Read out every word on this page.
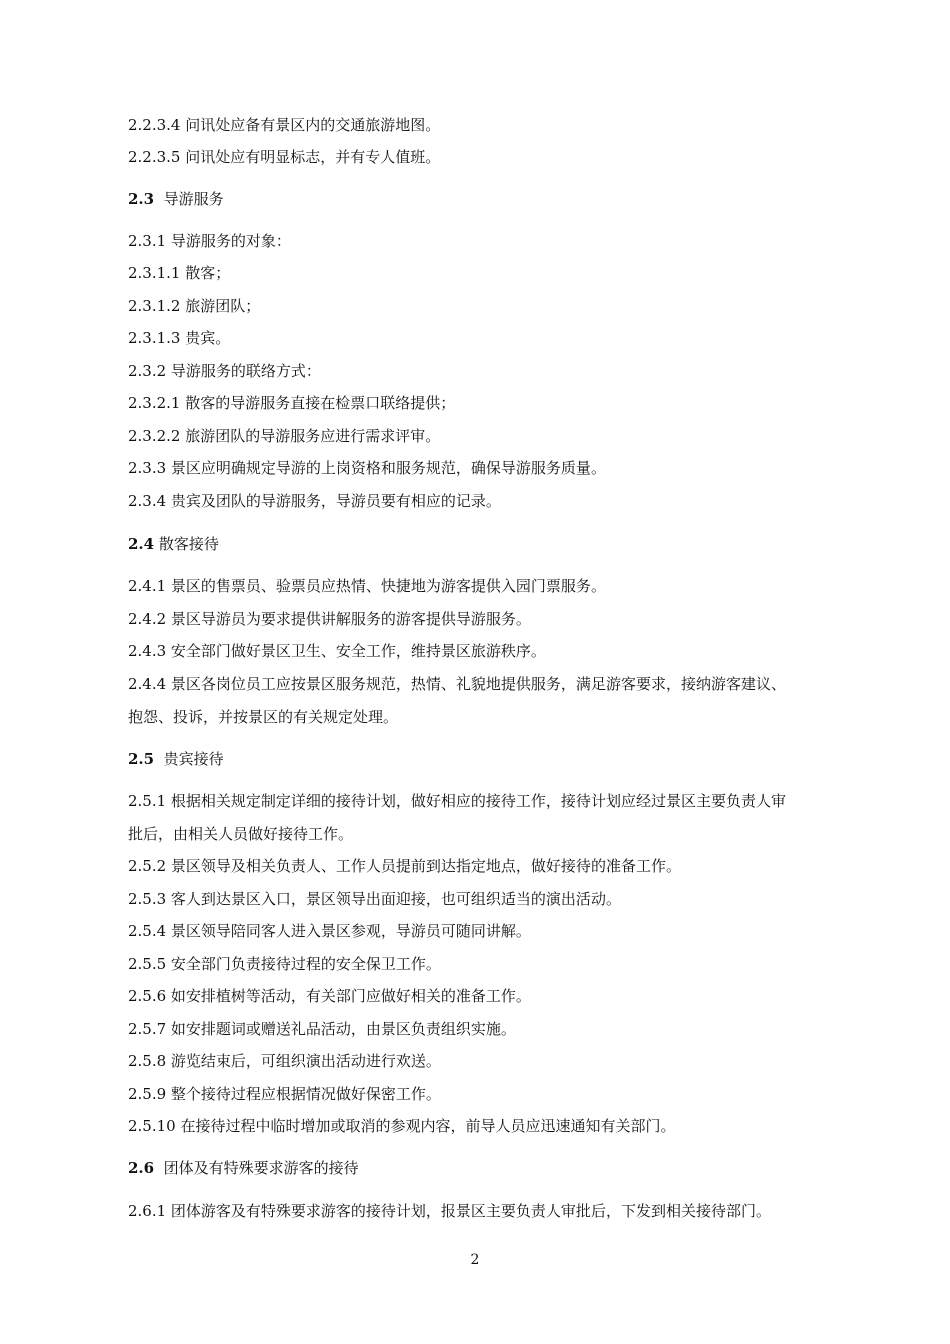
2.2.3.4 问讯处应备有景区内的交通旅游地图。
2.2.3.5 问讯处应有明显标志，并有专人值班。
2.3 导游服务
2.3.1 导游服务的对象：
2.3.1.1 散客；
2.3.1.2 旅游团队；
2.3.1.3 贵宾。
2.3.2 导游服务的联络方式：
2.3.2.1 散客的导游服务直接在检票口联络提供；
2.3.2.2 旅游团队的导游服务应进行需求评审。
2.3.3 景区应明确规定导游的上岗资格和服务规范，确保导游服务质量。
2.3.4 贵宾及团队的导游服务，导游员要有相应的记录。
2.4 散客接待
2.4.1 景区的售票员、验票员应热情、快捷地为游客提供入园门票服务。
2.4.2 景区导游员为要求提供讲解服务的游客提供导游服务。
2.4.3 安全部门做好景区卫生、安全工作，维持景区旅游秩序。
2.4.4 景区各岗位员工应按景区服务规范，热情、礼貌地提供服务，满足游客要求，接纳游客建议、
抱怨、投诉，并按景区的有关规定处理。
2.5 贵宾接待
2.5.1 根据相关规定制定详细的接待计划，做好相应的接待工作，接待计划应经过景区主要负责人审
批后，由相关人员做好接待工作。
2.5.2 景区领导及相关负责人、工作人员提前到达指定地点，做好接待的准备工作。
2.5.3 客人到达景区入口，景区领导出面迎接，也可组织适当的演出活动。
2.5.4 景区领导陪同客人进入景区参观，导游员可随同讲解。
2.5.5 安全部门负责接待过程的安全保卫工作。
2.5.6 如安排植树等活动，有关部门应做好相关的准备工作。
2.5.7 如安排题词或赠送礼品活动，由景区负责组织实施。
2.5.8 游览结束后，可组织演出活动进行欢送。
2.5.9 整个接待过程应根据情况做好保密工作。
2.5.10 在接待过程中临时增加或取消的参观内容，前导人员应迅速通知有关部门。
2.6 团体及有特殊要求游客的接待
2.6.1 团体游客及有特殊要求游客的接待计划，报景区主要负责人审批后，下发到相关接待部门。
2
